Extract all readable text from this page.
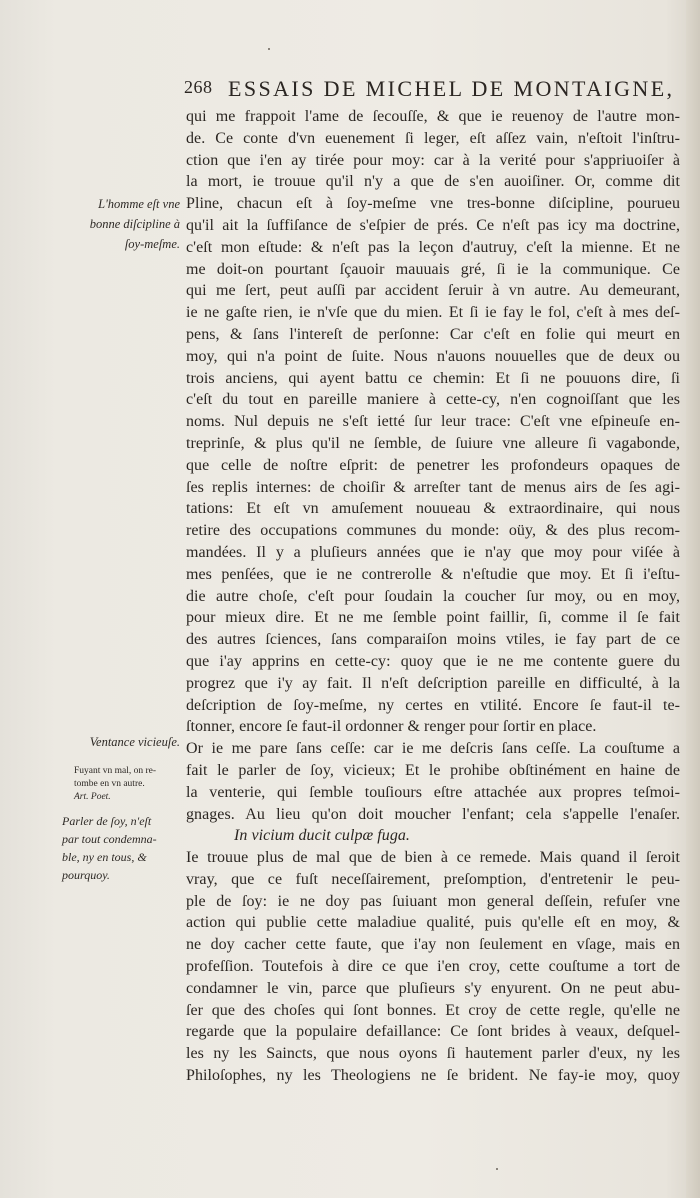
268 ESSAIS DE MICHEL DE MONTAIGNE,
L'homme eſt vne
bonne diſcipline à
ſoy-meſme.
Ventance vicieuſe.
Fuyant vn mal, on re-
tombe en vn autre.
Art. Poet.
Parler de ſoy, n'eſt
par tout condemna-
ble, ny en tous, &
pourquoy.
qui me frappoit l'ame de ſecouſſe, & que ie reuenoy de l'autre mon-
de. Ce conte d'vn euenement ſi leger, eſt aſſez vain, n'eſtoit l'inſtru-
ction que i'en ay tirée pour moy: car à la verité pour s'appriuoiſer à
la mort, ie trouue qu'il n'y a que de s'en auoiſiner. Or, comme dit
Pline, chacun eſt à ſoy-meſme vne tres-bonne diſcipline, pourueu
qu'il ait la ſuffiſance de s'eſpier de prés. Ce n'eſt pas icy ma doctrine,
c'eſt mon eſtude: & n'eſt pas la leçon d'autruy, c'eſt la mienne. Et ne
me doit-on pourtant ſçauoir mauuais gré, ſi ie la communique. Ce
qui me ſert, peut auſſi par accident ſeruir à vn autre. Au demeurant,
ie ne gaſte rien, ie n'vſe que du mien. Et ſi ie fay le fol, c'eſt à mes deſ-
pens, & ſans l'intereſt de perſonne: Car c'eſt en folie qui meurt en
moy, qui n'a point de ſuite. Nous n'auons nouuelles que de deux ou
trois anciens, qui ayent battu ce chemin: Et ſi ne pouuons dire, ſi
c'eſt du tout en pareille maniere à cette-cy, n'en cognoiſſant que les
noms. Nul depuis ne s'eſt ietté ſur leur trace: C'eſt vne eſpineuſe en-
treprinſe, & plus qu'il ne ſemble, de ſuiure vne alleure ſi vagabonde,
que celle de noſtre eſprit: de penetrer les profondeurs opaques de
ſes replis internes: de choiſir & arreſter tant de menus airs de ſes agi-
tations: Et eſt vn amuſement nouueau & extraordinaire, qui nous
retire des occupations communes du monde: oüy, & des plus recom-
mandées. Il y a pluſieurs années que ie n'ay que moy pour viſée à
mes penſées, que ie ne contrerolle & n'eſtudie que moy. Et ſi i'eſtu-
die autre choſe, c'eſt pour ſoudain la coucher ſur moy, ou en moy,
pour mieux dire. Et ne me ſemble point faillir, ſi, comme il ſe fait
des autres ſciences, ſans comparaiſon moins vtiles, ie fay part de ce
que i'ay apprins en cette-cy: quoy que ie ne me contente guere du
progrez que i'y ay fait. Il n'eſt deſcription pareille en difficulté, à la
deſcription de ſoy-meſme, ny certes en vtilité. Encore ſe faut-il te-
ſtonner, encore ſe faut-il ordonner & renger pour ſortir en place.
Or ie me pare ſans ceſſe: car ie me deſcris ſans ceſſe. La couſtume a
fait le parler de ſoy, vicieux; Et le prohibe obſtinément en haine de
la venterie, qui ſemble touſiours eſtre attachée aux propres teſmoi-
gnages. Au lieu qu'on doit moucher l'enfant; cela s'appelle l'enaſer.
In vicium ducit culpæ fuga.
Ie trouue plus de mal que de bien à ce remede. Mais quand il ſeroit
vray, que ce fuſt neceſſairement, preſomption, d'entretenir le peu-
ple de ſoy: ie ne doy pas ſuiuant mon general deſſein, refuſer vne
action qui publie cette maladiue qualité, puis qu'elle eſt en moy, &
ne doy cacher cette faute, que i'ay non ſeulement en vſage, mais en
profeſſion. Toutefois à dire ce que i'en croy, cette couſtume a tort de
condamner le vin, parce que pluſieurs s'y enyurent. On ne peut abu-
ſer que des choſes qui ſont bonnes. Et croy de cette regle, qu'elle ne
regarde que la populaire defaillance: Ce ſont brides à veaux, deſquel-
les ny les Saincts, que nous oyons ſi hautement parler d'eux, ny les
Philoſophes, ny les Theologiens ne ſe brident. Ne fay-ie moy, quoy
